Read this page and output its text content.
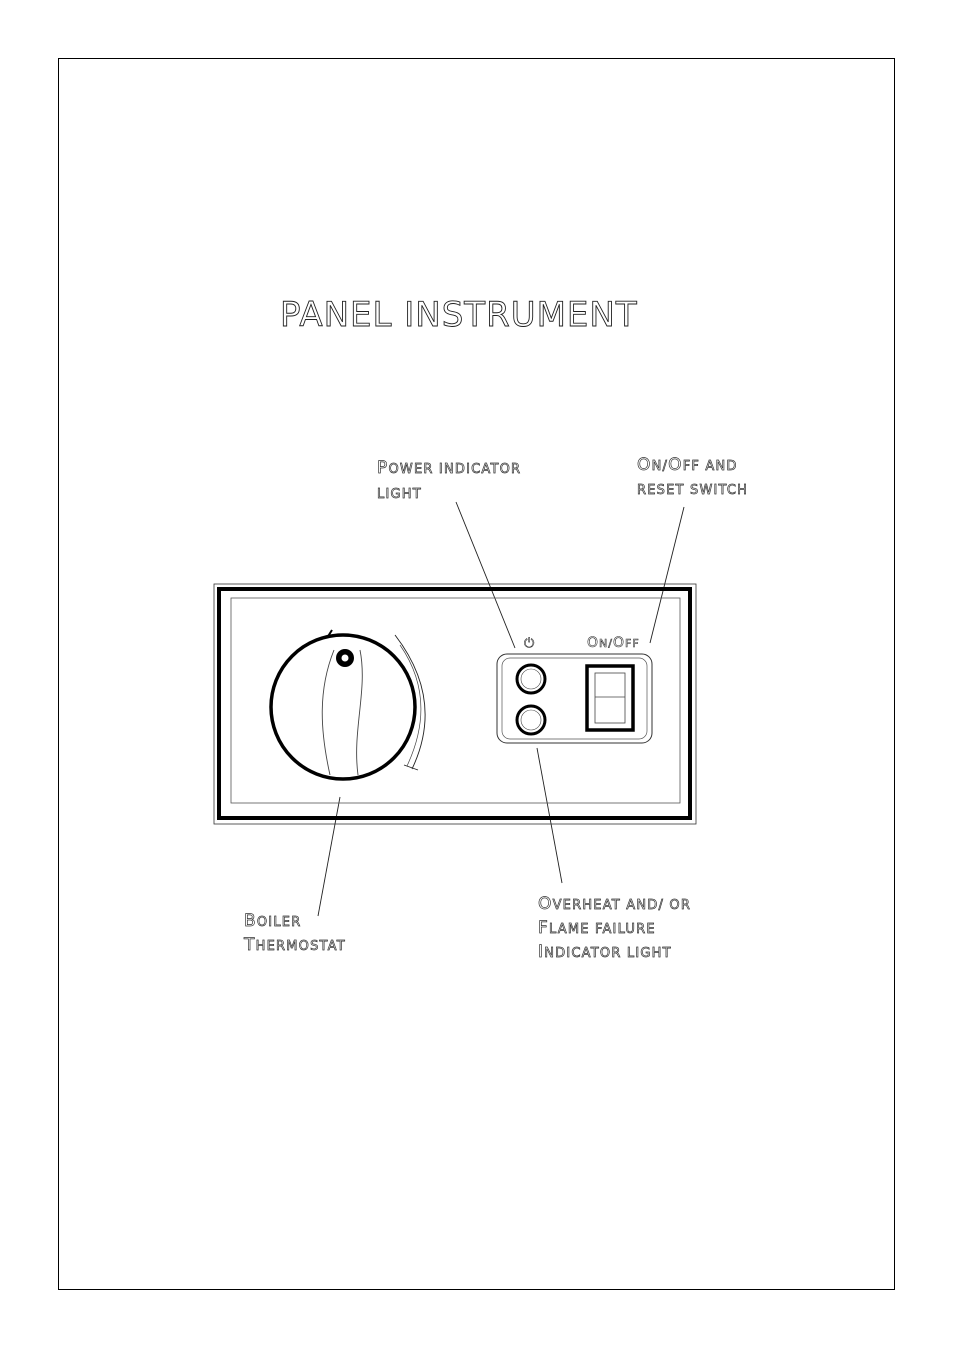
PANEL INSTRUMENT
POWER INDICATOR
LIGHT
ON/OFF AND
RESET SWITCH
BOILER
THERMOSTAT
OVERHEAT AND/ OR
FLAME FAILURE
INDICATOR LIGHT
⏻	ON/OFF
